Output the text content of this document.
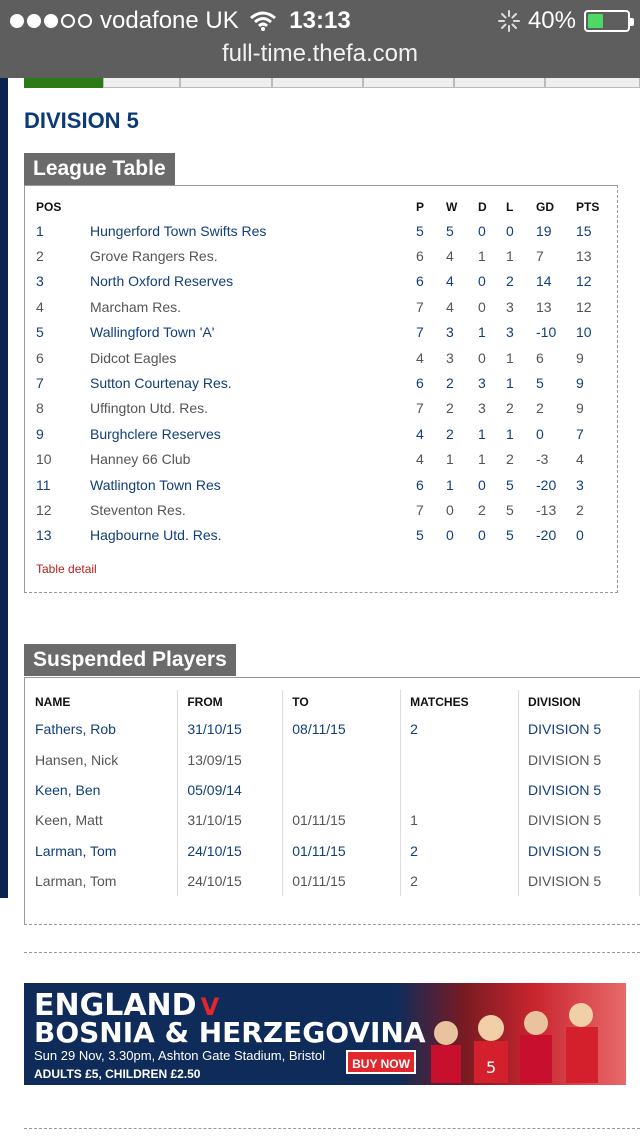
vodafone UK	13:13	40%
full-time.thefa.com
DIVISION 5
League Table
POS		P	W	D	L	GD	PTS
1	Hungerford Town Swifts Res	5	5	0	0	19	15
2	Grove Rangers Res.	6	4	1	1	7	13
3	North Oxford Reserves	6	4	0	2	14	12
4	Marcham Res.	7	4	0	3	13	12
5	Wallingford Town 'A'	7	3	1	3	-10	10
6	Didcot Eagles	4	3	0	1	6	9
7	Sutton Courtenay Res.	6	2	3	1	5	9
8	Uffington Utd. Res.	7	2	3	2	2	9
9	Burghclere Reserves	4	2	1	1	0	7
10	Hanney 66 Club	4	1	1	2	-3	4
11	Watlington Town Res	6	1	0	5	-20	3
12	Steventon Res.	7	0	2	5	-13	2
13	Hagbourne Utd. Res.	5	0	0	5	-20	0
Table detail
Suspended Players
NAME	FROM	TO	MATCHES	DIVISION
Fathers, Rob	31/10/15	08/11/15	2	DIVISION 5
Hansen, Nick	13/09/15			DIVISION 5
Keen, Ben	05/09/14			DIVISION 5
Keen, Matt	31/10/15	01/11/15	1	DIVISION 5
Larman, Tom	24/10/15	01/11/15	2	DIVISION 5
Larman, Tom	24/10/15	01/11/15	2	DIVISION 5
5
ENGLAND V
BOSNIA & HERZEGOVINA
Sun 29 Nov, 3.30pm, Ashton Gate Stadium, Bristol
ADULTS £5, CHILDREN £2.50
BUY NOW
